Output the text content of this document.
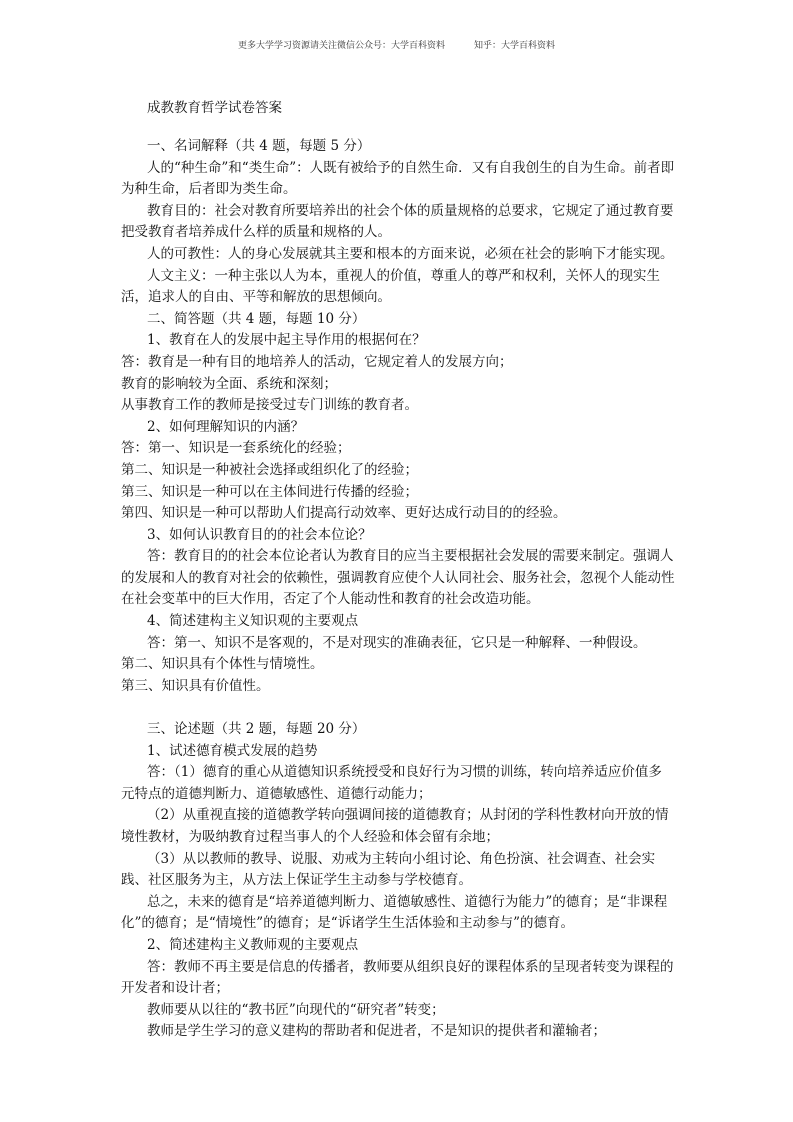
更多大学学习资源请关注微信公众号：大学百科资料	知乎：大学百科资料
成教教育哲学试卷答案

一、名词解释（共 4 题，每题 5 分）

人的“种生命”和“类生命”：人既有被给予的自然生命．又有自我创生的自为生命。前者即为种生命，后者即为类生命。

教育目的：社会对教育所要培养出的社会个体的质量规格的总要求，它规定了通过教育要把受教育者培养成什么样的质量和规格的人。

人的可教性：人的身心发展就其主要和根本的方面来说，必须在社会的影响下才能实现。

人文主义：一种主张以人为本，重视人的价值，尊重人的尊严和权利，关怀人的现实生活，追求人的自由、平等和解放的思想倾向。

二、简答题（共 4 题，每题 10 分）

1、教育在人的发展中起主导作用的根据何在？

答：教育是一种有目的地培养人的活动，它规定着人的发展方向；

教育的影响较为全面、系统和深刻；

从事教育工作的教师是接受过专门训练的教育者。

2、如何理解知识的内涵？

答：第一、知识是一套系统化的经验；

第二、知识是一种被社会选择或组织化了的经验；

第三、知识是一种可以在主体间进行传播的经验；

第四、知识是一种可以帮助人们提高行动效率、更好达成行动目的的经验。

3、如何认识教育目的的社会本位论？

答：教育目的的社会本位论者认为教育目的应当主要根据社会发展的需要来制定。强调人的发展和人的教育对社会的依赖性，强调教育应使个人认同社会、服务社会，忽视个人能动性在社会变革中的巨大作用，否定了个人能动性和教育的社会改造功能。

4、简述建构主义知识观的主要观点

答：第一、知识不是客观的，不是对现实的准确表征，它只是一种解释、一种假设。

第二、知识具有个体性与情境性。

第三、知识具有价值性。

三、论述题（共 2 题，每题 20 分）

1、试述德育模式发展的趋势

答：（1）德育的重心从道德知识系统授受和良好行为习惯的训练，转向培养适应价值多元特点的道德判断力、道德敏感性、道德行动能力；

（2）从重视直接的道德教学转向强调间接的道德教育；从封闭的学科性教材向开放的情境性教材，为吸纳教育过程当事人的个人经验和体会留有余地；

（3）从以教师的教导、说服、劝戒为主转向小组讨论、角色扮演、社会调查、社会实践、社区服务为主，从方法上保证学生主动参与学校德育。

总之，未来的德育是“培养道德判断力、道德敏感性、道德行为能力”的德育；是“非课程化”的德育；是“情境性”的德育；是“诉诸学生生活体验和主动参与”的德育。

2、简述建构主义教师观的主要观点

答：教师不再主要是信息的传播者，教师要从组织良好的课程体系的呈现者转变为课程的开发者和设计者；

教师要从以往的“教书匠”向现代的“研究者”转变；

教师是学生学习的意义建构的帮助者和促进者，不是知识的提供者和灌输者；
